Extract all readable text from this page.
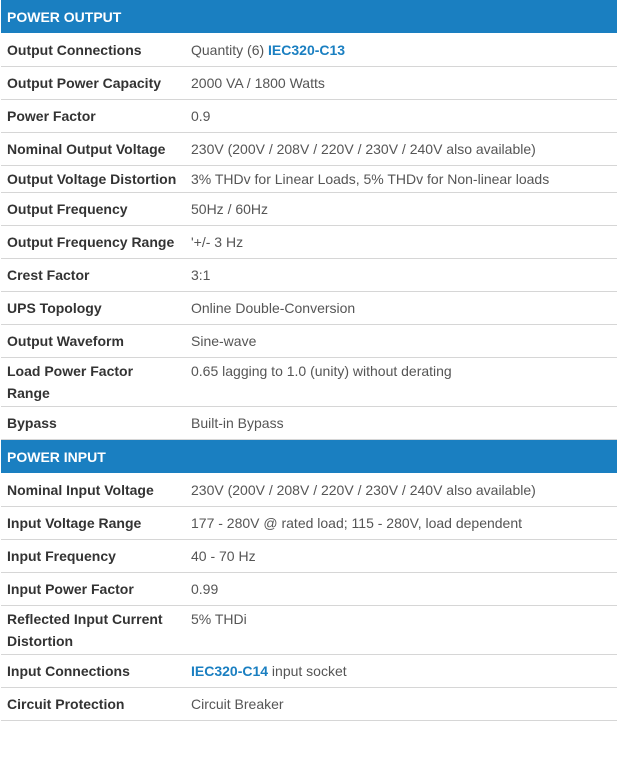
POWER OUTPUT	
Output Connections	Quantity (6) IEC320-C13
Output Power Capacity	2000 VA / 1800 Watts
Power Factor	0.9
Nominal Output Voltage	230V (200V / 208V / 220V / 230V / 240V also available)
Output Voltage Distortion	3% THDv for Linear Loads, 5% THDv for Non-linear loads
Output Frequency	50Hz / 60Hz
Output Frequency Range	'+/- 3 Hz
Crest Factor	3:1
UPS Topology	Online Double-Conversion
Output Waveform	Sine-wave
Load Power Factor Range	0.65 lagging to 1.0 (unity) without derating
Bypass	Built-in Bypass
POWER INPUT	
Nominal Input Voltage	230V (200V / 208V / 220V / 230V / 240V also available)
Input Voltage Range	177 - 280V @ rated load; 115 - 280V, load dependent
Input Frequency	40 - 70 Hz
Input Power Factor	0.99
Reflected Input Current Distortion	5% THDi
Input Connections	IEC320-C14 input socket
Circuit Protection	Circuit Breaker
